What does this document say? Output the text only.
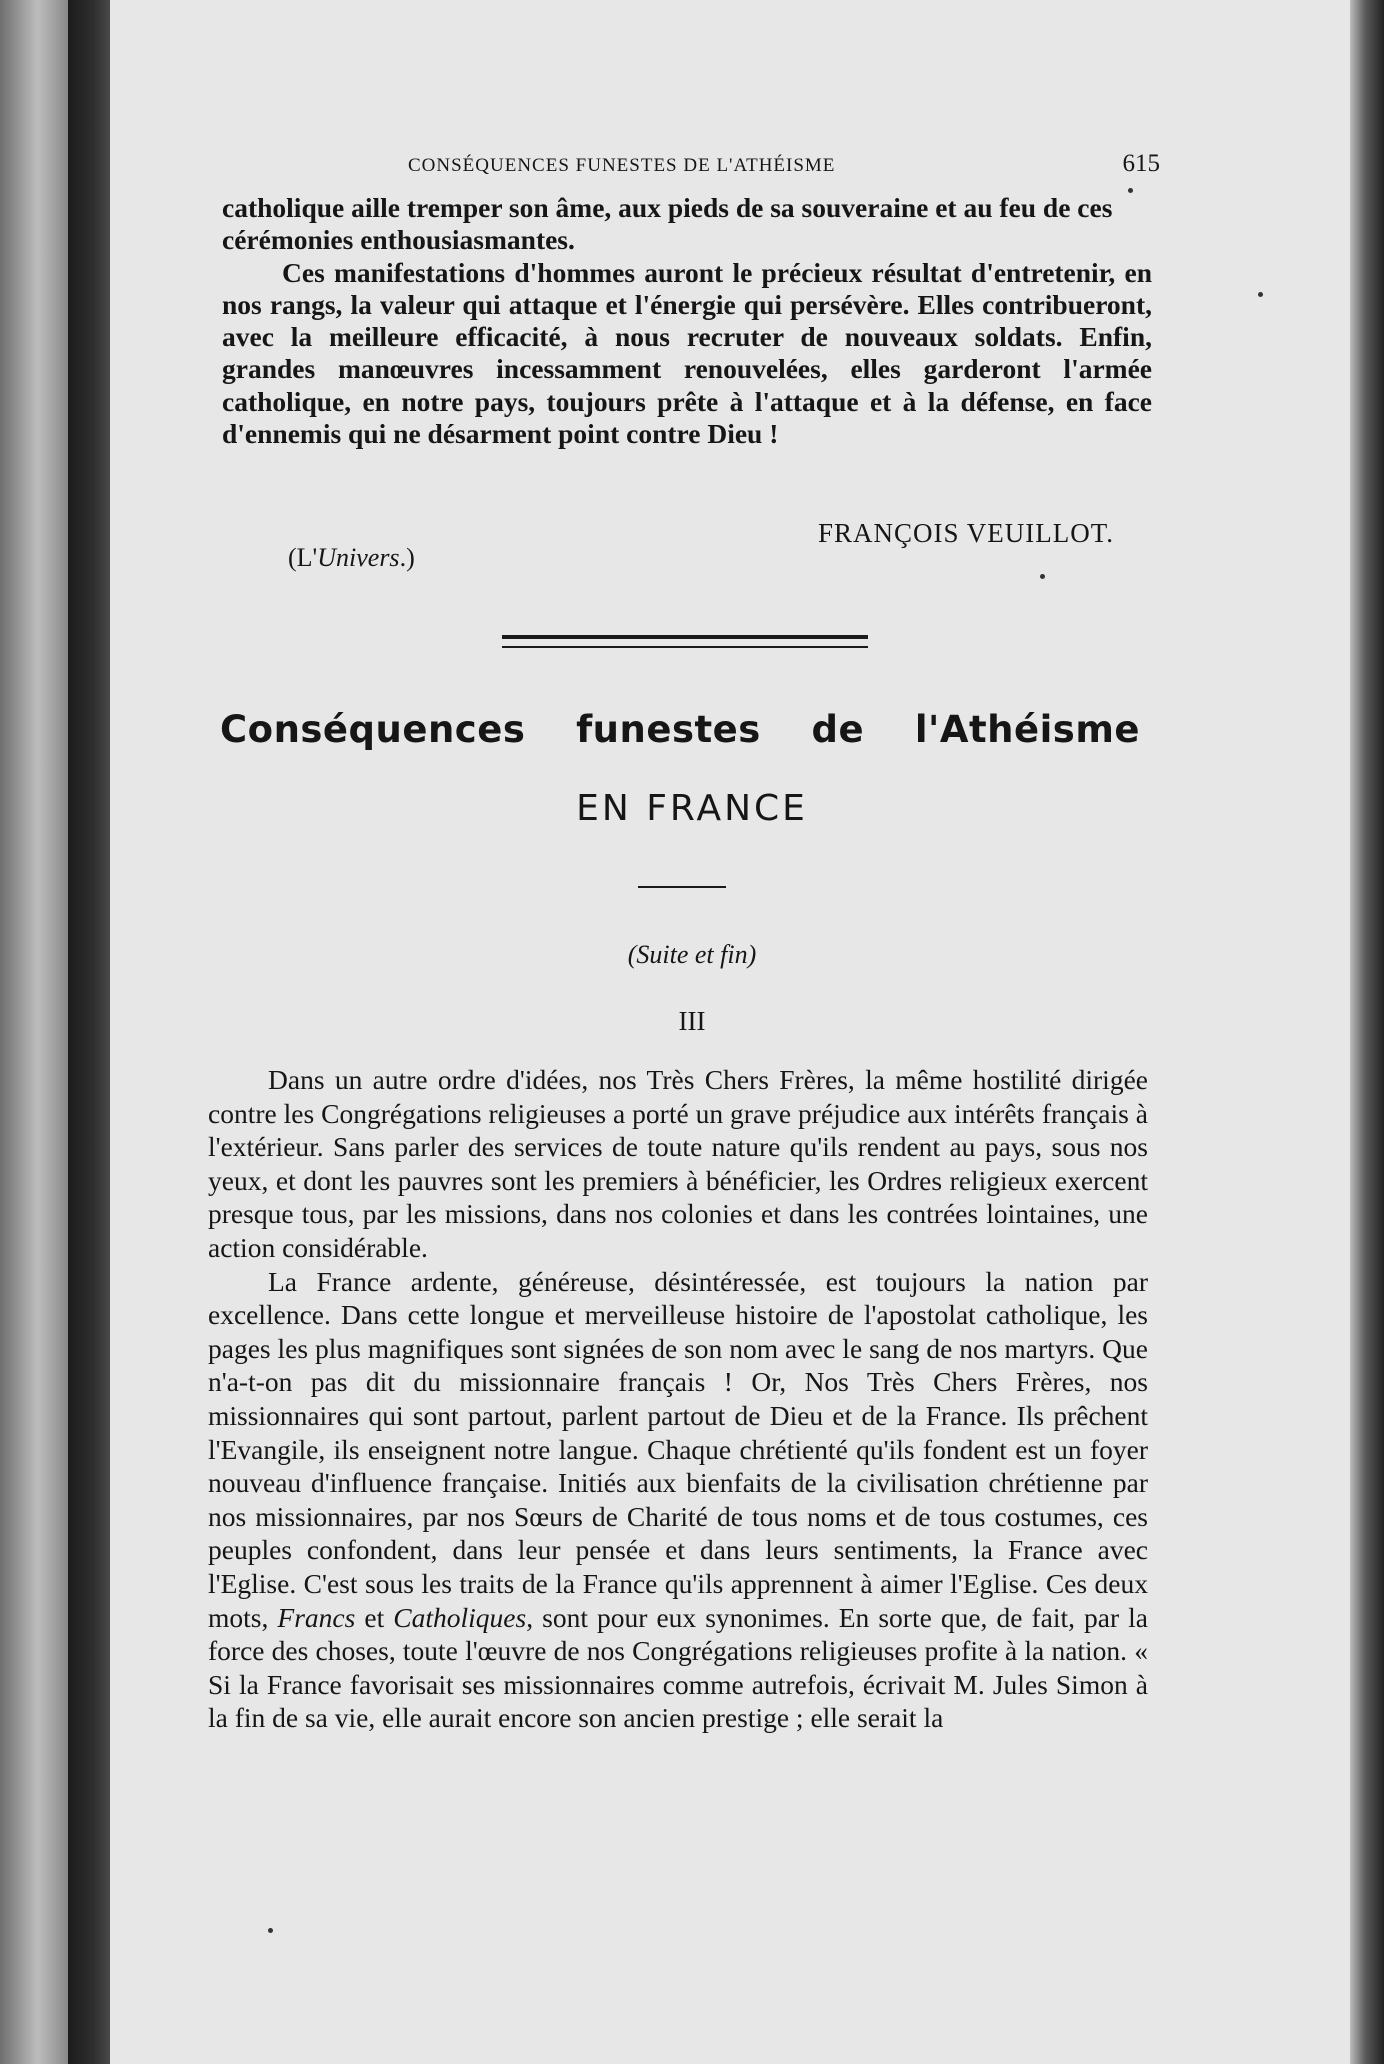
CONSÉQUENCES FUNESTES DE L'ATHÉISME	615

catholique aille tremper son âme, aux pieds de sa souveraine et au feu de ces cérémonies enthousiasmantes.

Ces manifestations d'hommes auront le précieux résultat d'entretenir, en nos rangs, la valeur qui attaque et l'énergie qui persévère. Elles contribueront, avec la meilleure efficacité, à nous recruter de nouveaux soldats. Enfin, grandes manœuvres incessamment renouvelées, elles garderont l'armée catholique, en notre pays, toujours prête à l'attaque et à la défense, en face d'ennemis qui ne désarment point contre Dieu !

FRANÇOIS VEUILLOT.
(L'Univers.)
Conséquences funestes de l'Athéisme
EN FRANCE
(Suite et fin)
III

Dans un autre ordre d'idées, nos Très Chers Frères, la même hostilité dirigée contre les Congrégations religieuses a porté un grave préjudice aux intérêts français à l'extérieur. Sans parler des services de toute nature qu'ils rendent au pays, sous nos yeux, et dont les pauvres sont les premiers à bénéficier, les Ordres religieux exercent presque tous, par les missions, dans nos colonies et dans les contrées lointaines, une action considérable.

La France ardente, généreuse, désintéressée, est toujours la nation par excellence. Dans cette longue et merveilleuse histoire de l'apostolat catholique, les pages les plus magnifiques sont signées de son nom avec le sang de nos martyrs. Que n'a-t-on pas dit du missionnaire français ! Or, Nos Très Chers Frères, nos missionnaires qui sont partout, parlent partout de Dieu et de la France. Ils prêchent l'Evangile, ils enseignent notre langue. Chaque chrétienté qu'ils fondent est un foyer nouveau d'influence française. Initiés aux bienfaits de la civilisation chrétienne par nos missionnaires, par nos Sœurs de Charité de tous noms et de tous costumes, ces peuples confondent, dans leur pensée et dans leurs sentiments, la France avec l'Eglise. C'est sous les traits de la France qu'ils apprennent à aimer l'Eglise. Ces deux mots, Francs et Catholiques, sont pour eux synonimes. En sorte que, de fait, par la force des choses, toute l'œuvre de nos Congrégations religieuses profite à la nation. « Si la France favorisait ses missionnaires comme autrefois, écrivait M. Jules Simon à la fin de sa vie, elle aurait encore son ancien prestige ; elle serait la
